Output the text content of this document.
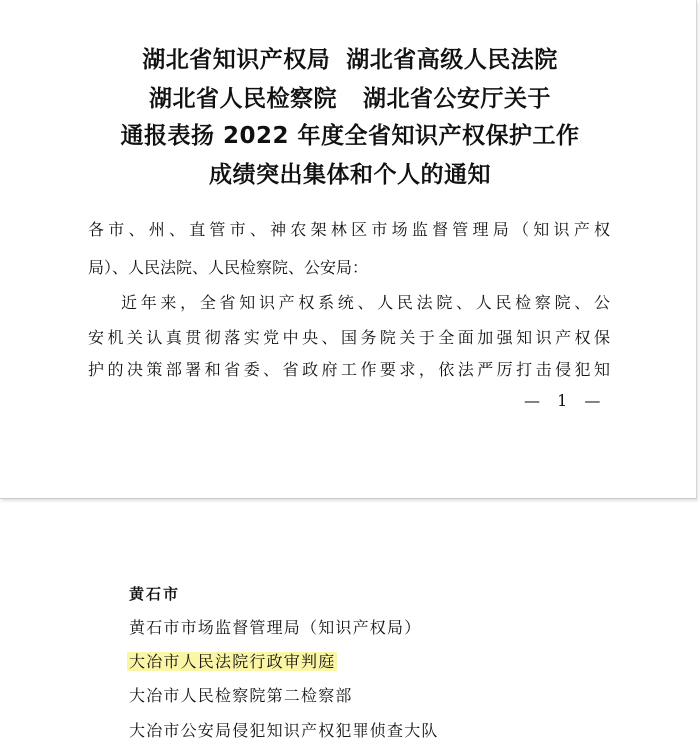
湖北省知识产权局 湖北省高级人民法院
湖北省人民检察院 湖北省公安厅关于
通报表扬 2022 年度全省知识产权保护工作
成绩突出集体和个人的通知
各市、州、直管市、神农架林区市场监督管理局（知识产权
局）、人民法院、人民检察院、公安局：
近年来，全省知识产权系统、人民法院、人民检察院、公
安机关认真贯彻落实党中央、国务院关于全面加强知识产权保
护的决策部署和省委、省政府工作要求，依法严厉打击侵犯知
— 1 —
黄石市
黄石市市场监督管理局（知识产权局）
大冶市人民法院行政审判庭
大冶市人民检察院第二检察部
大冶市公安局侵犯知识产权犯罪侦查大队
